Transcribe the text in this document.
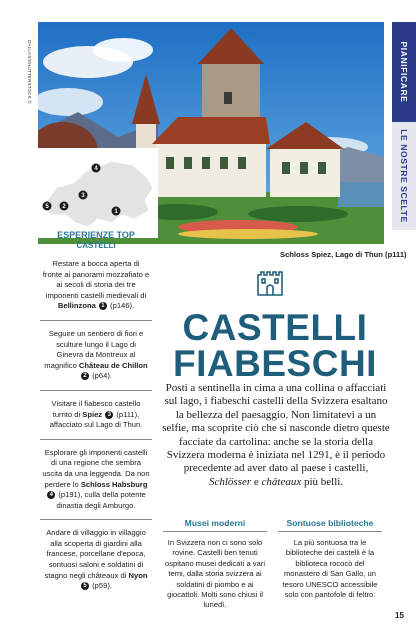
DALLAS/SHUTTERSTOCK ©	PIANIFICARE
LE NOSTRE SCELTE
4
3
2
1
5
ESPERIENZE TOP
CASTELLI
Restare a bocca aperta di fronte ai panorami mozzafiato e ai secoli di storia dei tre imponenti castelli medievali di Bellinzona 1 (p146).
Seguire un sentiero di fiori e sculture lungo il Lago di Ginevra da Montreux al magnifico Château de Chillon 2 (p64).
Visitare il fiabesco castello turrito di Spiez 3 (p111), affacciato sul Lago di Thun.
Esplorare gli imponenti castelli di una regione che sembra uscita da una leggenda. Da non perdere lo Schloss Habsburg 4 (p191), culla della potente dinastia degli Amburgo.
Andare di villaggio in villaggio alla scoperta di giardini alla francese, porcellane d'epoca, sontuosi saloni e soldatini di stagno negli châteaux di Nyon 5 (p59).
Schloss Spiez, Lago di Thun (p111)
CASTELLI
FIABESCHI
Posti a sentinella in cima a una collina o affacciati sul lago, i fiabeschi castelli della Svizzera esaltano la bellezza del paesaggio. Non limitatevi a un selfie, ma scoprite ciò che si nasconde dietro queste facciate da cartolina: anche se la storia della Svizzera moderna è iniziata nel 1291, è il periodo precedente ad aver dato al paese i castelli, Schlösser e châteaux più belli.
Musei moderni

In Svizzera non ci sono solo rovine. Castelli ben tenuti ospitano musei dedicati a vari temi, dalla storia svizzera ai soldatini di piombo e ai giocattoli. Molti sono chiusi il lunedì.

Sontuose biblioteche

La più sontuosa tra le biblioteche dei castelli è la biblioteca rococò del monastero di San Gallo, un tesoro UNESCO accessibile solo con pantofole di feltro.

15
